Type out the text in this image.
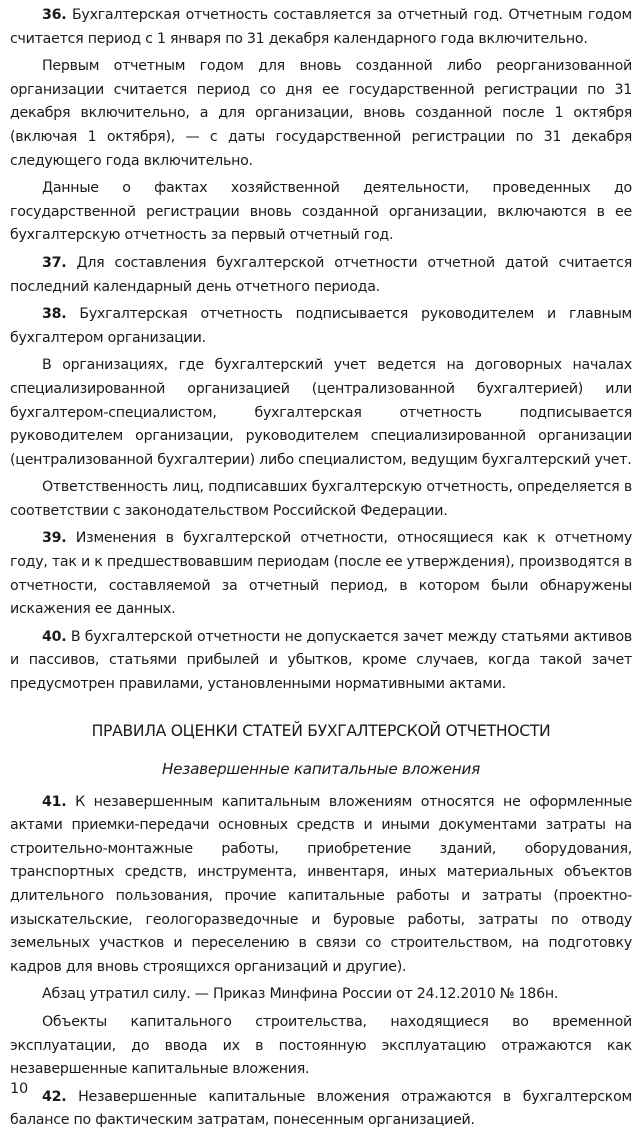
36. Бухгалтерская отчетность составляется за отчетный год. Отчетным годом считается период с 1 января по 31 декабря календарного года включительно.

Первым отчетным годом для вновь созданной либо реорганизованной организации считается период со дня ее государственной регистрации по 31 декабря включительно, а для организации, вновь созданной после 1 октября (включая 1 октября), — с даты государственной регистрации по 31 декабря следующего года включительно.

Данные о фактах хозяйственной деятельности, проведенных до государственной регистрации вновь созданной организации, включаются в ее бухгалтерскую отчетность за первый отчетный год.

37. Для составления бухгалтерской отчетности отчетной датой считается последний календарный день отчетного периода.

38. Бухгалтерская отчетность подписывается руководителем и главным бухгалтером организации.

В организациях, где бухгалтерский учет ведется на договорных началах специализированной организацией (централизованной бухгалтерией) или бухгалтером-специалистом, бухгалтерская отчетность подписывается руководителем организации, руководителем специализированной организации (централизованной бухгалтерии) либо специалистом, ведущим бухгалтерский учет.

Ответственность лиц, подписавших бухгалтерскую отчетность, определяется в соответствии с законодательством Российской Федерации.

39. Изменения в бухгалтерской отчетности, относящиеся как к отчетному году, так и к предшествовавшим периодам (после ее утверждения), производятся в отчетности, составляемой за отчетный период, в котором были обнаружены искажения ее данных.

40. В бухгалтерской отчетности не допускается зачет между статьями активов и пассивов, статьями прибылей и убытков, кроме случаев, когда такой зачет предусмотрен правилами, установленными нормативными актами.

ПРАВИЛА ОЦЕНКИ СТАТЕЙ БУХГАЛТЕРСКОЙ ОТЧЕТНОСТИ
Незавершенные капитальные вложения

41. К незавершенным капитальным вложениям относятся не оформленные актами приемки-передачи основных средств и иными документами затраты на строительно-монтажные работы, приобретение зданий, оборудования, транспортных средств, инструмента, инвентаря, иных материальных объектов длительного пользования, прочие капитальные работы и затраты (проектно-изыскательские, геологоразведочные и буровые работы, затраты по отводу земельных участков и переселению в связи со строительством, на подготовку кадров для вновь строящихся организаций и другие).

Абзац утратил силу. — Приказ Минфина России от 24.12.2010 № 186н.

Объекты капитального строительства, находящиеся во временной эксплуатации, до ввода их в постоянную эксплуатацию отражаются как незавершенные капитальные вложения.

42. Незавершенные капитальные вложения отражаются в бухгалтерском балансе по фактическим затратам, понесенным организацией.

10
